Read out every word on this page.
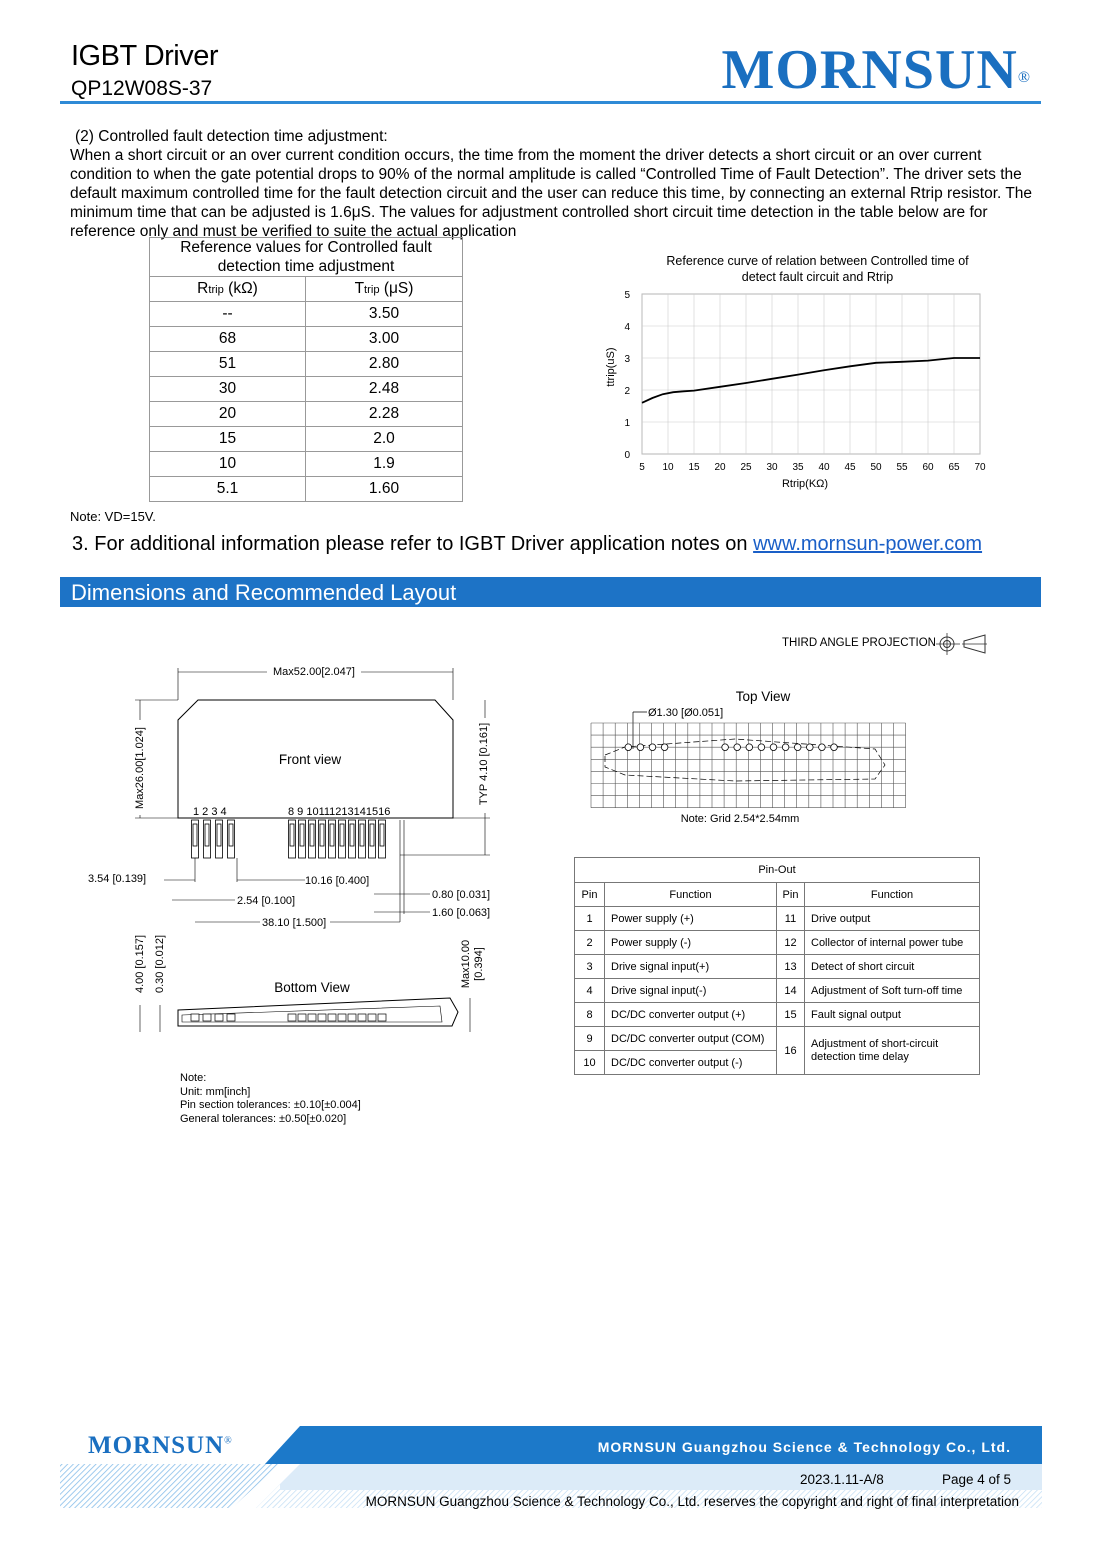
IGBT Driver
QP12W08S-37	MORNSUN®

(2) Controlled fault detection time adjustment:

When a short circuit or an over current condition occurs, the time from the moment the driver detects a short circuit or an over current condition to when the gate potential drops to 90% of the normal amplitude is called “Controlled Time of Fault Detection”. The driver sets the default maximum controlled time for the fault detection circuit and the user can reduce this time, by connecting an external Rtrip resistor. The minimum time that can be adjusted is 1.6μS. The values for adjustment controlled short circuit time detection in the table below are for reference only and must be verified to suite the actual application

Reference values for Controlled fault
detection time adjustment	

Rtrip (kΩ)	Ttrip (μS)
--	3.50
68	3.00
51	2.80
30	2.48
20	2.28
15	2.0
10	1.9
5.1	1.60
Reference curve of relation between Controlled time of
detect fault circuit and Rtrip
5 10 15 20 25 30 35 40 45 50 55 60 65 70
0
1
2
3
4
5
Rtrip(KΩ)
ttrip(uS)
Note: VD=15V.
3. For additional information please refer to IGBT Driver application notes on www.mornsun-power.com
Dimensions and Recommended Layout
THIRD ANGLE PROJECTION
Max52.00[2.047]
Front view
1 2 3 4	8 9 10111213141516
Max26.00[1.024]	TYP 4.10 [0.161]
3.54 [0.139]	10.16 [0.400]
2.54 [0.100]
38.10 [1.500]
0.80 [0.031]
1.60 [0.063]
Bottom View
4.00 [0.157] 0.30 [0.012]	Max10.00 [0.394]
Top View
Ø1.30 [Ø0.051]
Note: Grid 2.54*2.54mm
Pin-Out			
Pin	Function	Pin	Function
1	Power supply (+)	11	Drive output
2	Power supply (-)	12	Collector of internal power tube
3	Drive signal input(+)	13	Detect of short circuit
4	Drive signal input(-)	14	Adjustment of Soft turn-off time
8	DC/DC converter output (+)	15	Fault signal output
9	DC/DC converter output (COM)	16	Adjustment of short-circuit
detection time delay

10	DC/DC converter output (-)		
Note:
Unit: mm[inch]
Pin section tolerances: ±0.10[±0.004]
General tolerances: ±0.50[±0.020]
MORNSUN®	MORNSUN Guangzhou Science & Technology Co., Ltd.
2023.1.11-A/8	Page 4 of 5
MORNSUN Guangzhou Science & Technology Co., Ltd. reserves the copyright and right of final interpretation
